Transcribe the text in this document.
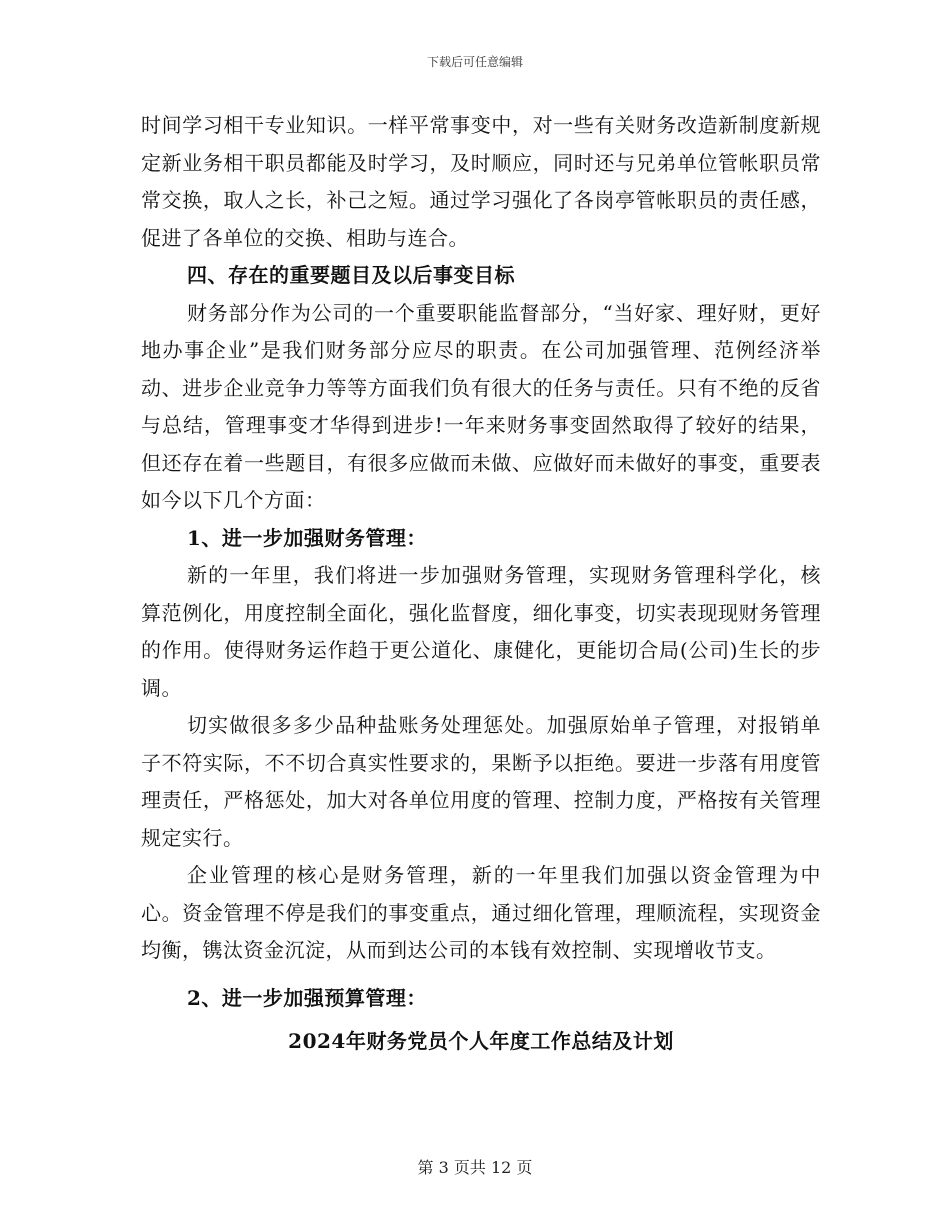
下载后可任意编辑

时间学习相干专业知识。一样平常事变中，对一些有关财务改造新制度新规定新业务相干职员都能及时学习，及时顺应，同时还与兄弟单位管帐职员常常交换，取人之长，补己之短。通过学习强化了各岗亭管帐职员的责任感，促进了各单位的交换、相助与连合。

四、存在的重要题目及以后事变目标

财务部分作为公司的一个重要职能监督部分，“当好家、理好财，更好地办事企业”是我们财务部分应尽的职责。在公司加强管理、范例经济举动、进步企业竞争力等等方面我们负有很大的任务与责任。只有不绝的反省与总结，管理事变才华得到进步!一年来财务事变固然取得了较好的结果，但还存在着一些题目，有很多应做而未做、应做好而未做好的事变，重要表如今以下几个方面：

1、进一步加强财务管理：

新的一年里，我们将进一步加强财务管理，实现财务管理科学化，核算范例化，用度控制全面化，强化监督度，细化事变，切实表现现财务管理的作用。使得财务运作趋于更公道化、康健化，更能切合局(公司)生长的步调。

切实做很多多少品种盐账务处理惩处。加强原始单子管理，对报销单子不符实际，不不切合真实性要求的，果断予以拒绝。要进一步落有用度管理责任，严格惩处，加大对各单位用度的管理、控制力度，严格按有关管理规定实行。

企业管理的核心是财务管理，新的一年里我们加强以资金管理为中心。资金管理不停是我们的事变重点，通过细化管理，理顺流程，实现资金均衡，镌汰资金沉淀，从而到达公司的本钱有效控制、实现增收节支。

2、进一步加强预算管理：

2024年财务党员个人年度工作总结及计划

第 3 页共 12 页
